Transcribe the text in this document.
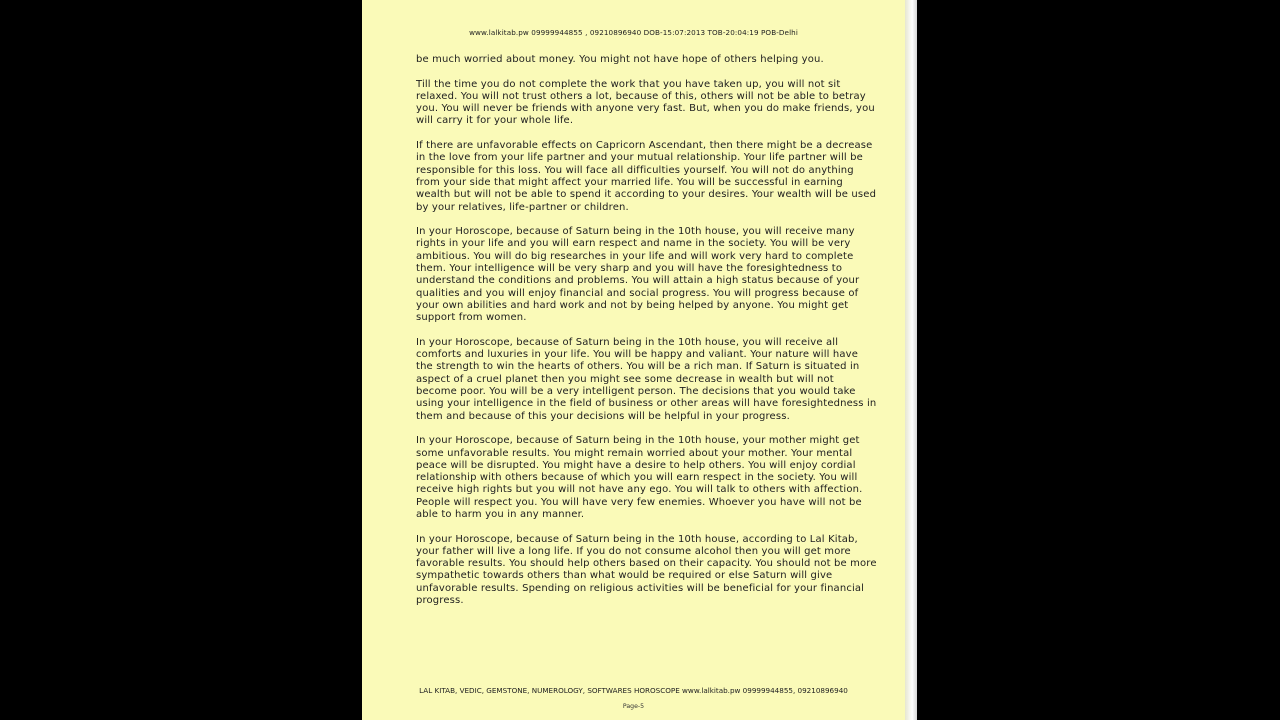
www.lalkitab.pw 09999944855 , 09210896940 DOB-15:07:2013 TOB-20:04:19 POB-Delhi

be much worried about money. You might not have hope of others helping you.

Till the time you do not complete the work that you have taken up, you will not sit relaxed. You will not trust others a lot, because of this, others will not be able to betray you. You will never be friends with anyone very fast. But, when you do make friends, you will carry it for your whole life.

If there are unfavorable effects on Capricorn Ascendant, then there might be a decrease in the love from your life partner and your mutual relationship. Your life partner will be responsible for this loss. You will face all difficulties yourself. You will not do anything from your side that might affect your married life. You will be successful in earning wealth but will not be able to spend it according to your desires. Your wealth will be used by your relatives, life-partner or children.

In your Horoscope, because of Saturn being in the 10th house, you will receive many rights in your life and you will earn respect and name in the society. You will be very ambitious. You will do big researches in your life and will work very hard to complete them. Your intelligence will be very sharp and you will have the foresightedness to understand the conditions and problems. You will attain a high status because of your qualities and you will enjoy financial and social progress. You will progress because of your own abilities and hard work and not by being helped by anyone. You might get support from women.

In your Horoscope, because of Saturn being in the 10th house, you will receive all comforts and luxuries in your life. You will be happy and valiant. Your nature will have the strength to win the hearts of others. You will be a rich man. If Saturn is situated in aspect of a cruel planet then you might see some decrease in wealth but will not become poor. You will be a very intelligent person. The decisions that you would take using your intelligence in the field of business or other areas will have foresightedness in them and because of this your decisions will be helpful in your progress.

In your Horoscope, because of Saturn being in the 10th house, your mother might get some unfavorable results. You might remain worried about your mother. Your mental peace will be disrupted. You might have a desire to help others. You will enjoy cordial relationship with others because of which you will earn respect in the society. You will receive high rights but you will not have any ego. You will talk to others with affection. People will respect you. You will have very few enemies. Whoever you have will not be able to harm you in any manner.

In your Horoscope, because of Saturn being in the 10th house, according to Lal Kitab, your father will live a long life. If you do not consume alcohol then you will get more favorable results. You should help others based on their capacity. You should not be more sympathetic towards others than what would be required or else Saturn will give unfavorable results. Spending on religious activities will be beneficial for your financial progress.

LAL KITAB, VEDIC, GEMSTONE, NUMEROLOGY, SOFTWARES HOROSCOPE www.lalkitab.pw 09999944855, 09210896940
Page-5
